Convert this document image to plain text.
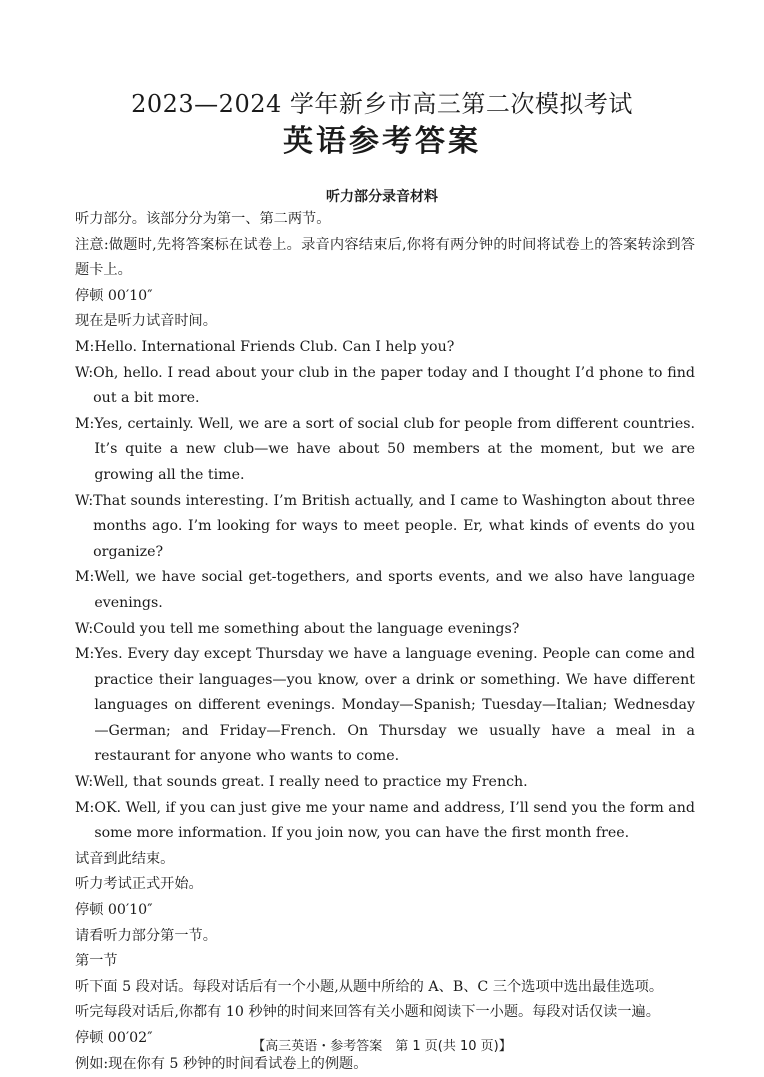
2023—2024 学年新乡市高三第二次模拟考试
英语参考答案
听力部分录音材料

听力部分。该部分分为第一、第二两节。

注意:做题时,先将答案标在试卷上。录音内容结束后,你将有两分钟的时间将试卷上的答案转涂到答题卡上。

停顿 00′10″

现在是听力试音时间。

M: Hello. International Friends Club. Can I help you?
W: Oh, hello. I read about your club in the paper today and I thought I’d phone to find out a bit more.
M: Yes, certainly. Well, we are a sort of social club for people from different countries. It’s quite a new club—we have about 50 members at the moment, but we are growing all the time.
W: That sounds interesting. I’m British actually, and I came to Washington about three months ago. I’m looking for ways to meet people. Er, what kinds of events do you organize?
M: Well, we have social get-togethers, and sports events, and we also have language evenings.
W: Could you tell me something about the language evenings?
M: Yes. Every day except Thursday we have a language evening. People can come and practice their languages—you know, over a drink or something. We have different languages on different evenings. Monday—Spanish; Tuesday—Italian; Wednesday—German; and Friday—French. On Thursday we usually have a meal in a restaurant for anyone who wants to come.
W: Well, that sounds great. I really need to practice my French.
M: OK. Well, if you can just give me your name and address, I’ll send you the form and some more information. If you join now, you can have the first month free.

试音到此结束。

听力考试正式开始。

停顿 00′10″

请看听力部分第一节。

第一节

听下面 5 段对话。每段对话后有一个小题,从题中所给的 A、B、C 三个选项中选出最佳选项。

听完每段对话后,你都有 10 秒钟的时间来回答有关小题和阅读下一小题。每段对话仅读一遍。

停顿 00′02″

例如:现在你有 5 秒钟的时间看试卷上的例题。

【高三英语・参考答案　第 1 页(共 10 页)】
